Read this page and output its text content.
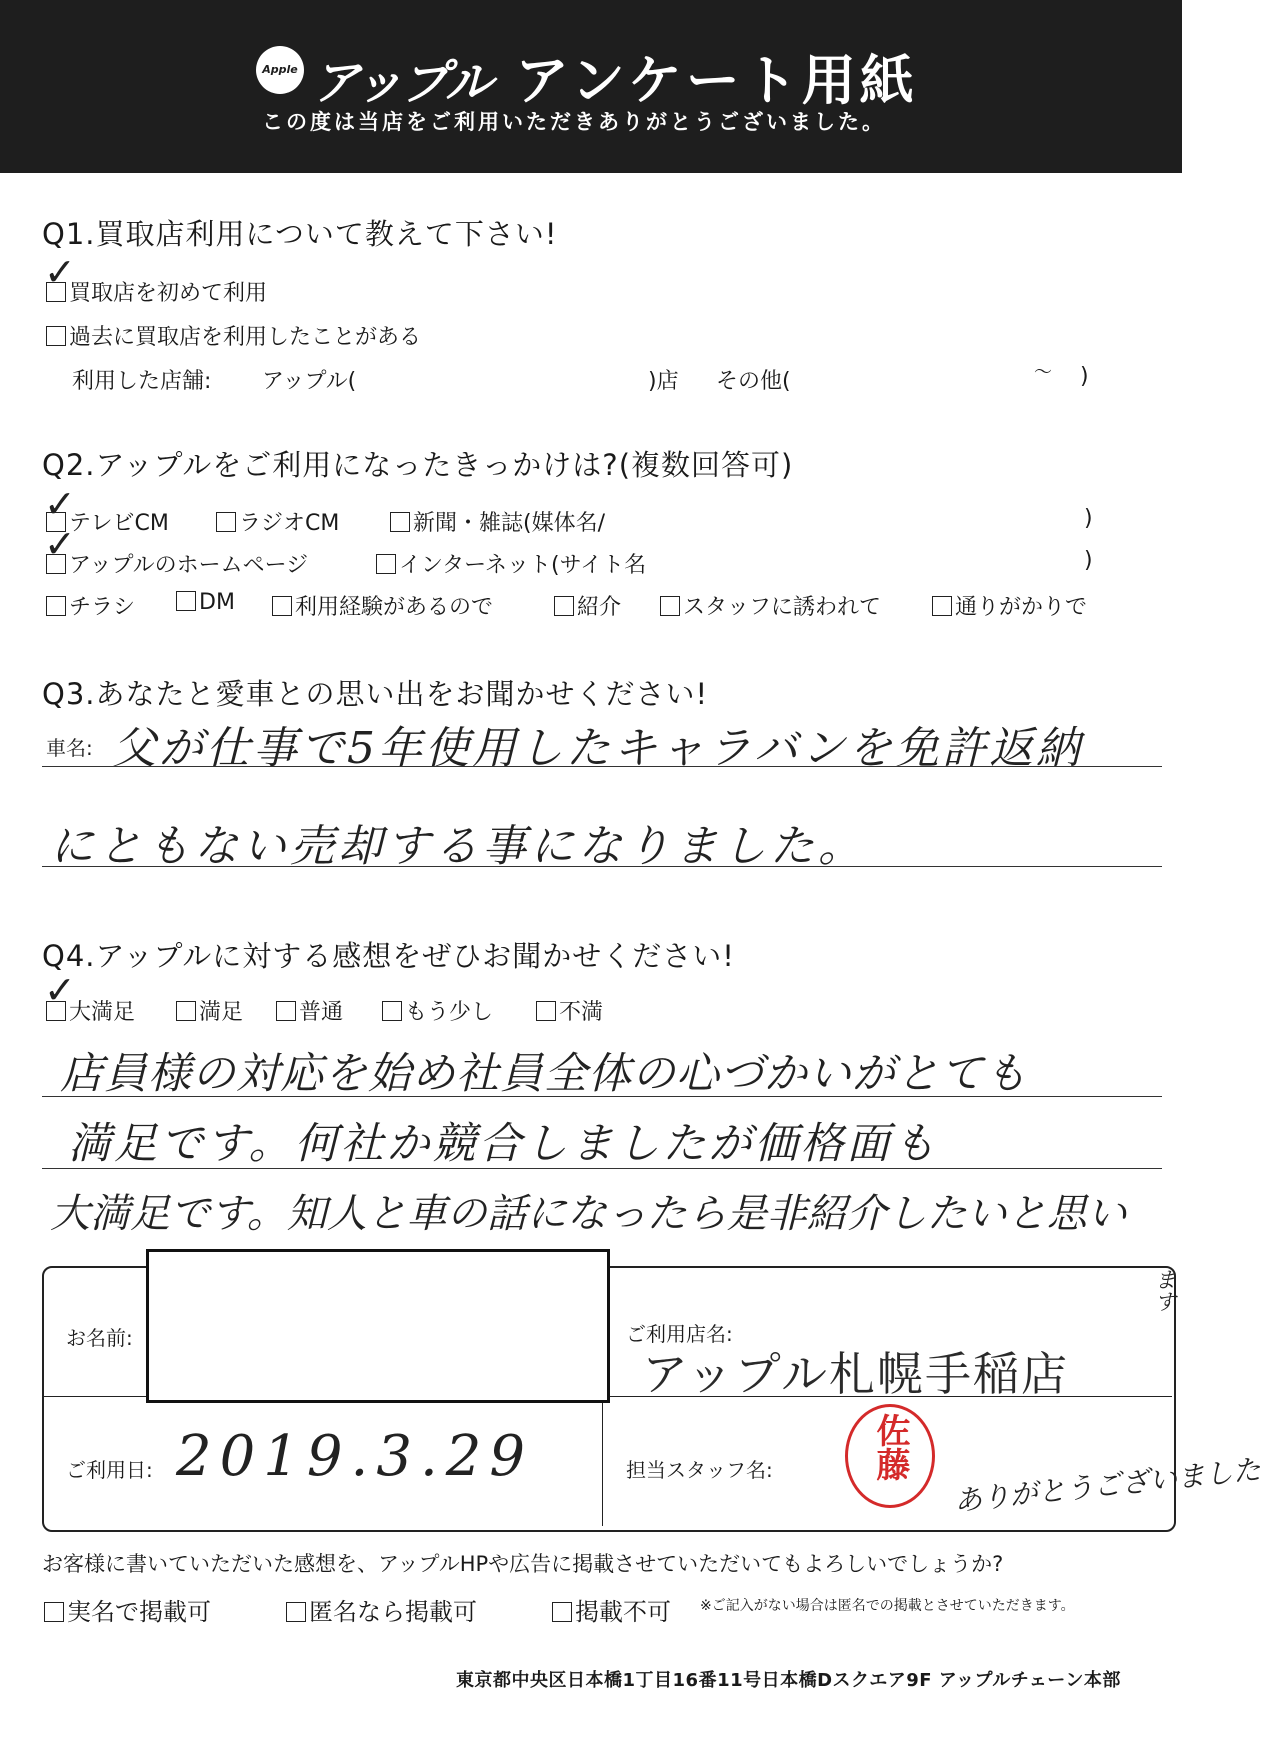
Apple アップル アンケート用紙
この度は当店をご利用いただきありがとうございました。
Q1.買取店利用について教えて下さい!
買取店を初めて利用
✓
過去に買取店を利用したことがある
利用した店舗: アップル(	)店 その他(	〜 )
Q2.アップルをご利用になったきっかけは?(複数回答可)
テレビCM
✓	ラジオCM	新聞・雑誌(媒体名/	)
アップルのホームページ
✓	インターネット(サイト名	)
チラシ	DM	利用経験があるので	紹介	スタッフに誘われて	通りがかりで
Q3.あなたと愛車との思い出をお聞かせください!
車名: 父が仕事で5年使用したキャラバンを免許返納
にともない売却する事になりました。
Q4.アップルに対する感想をぜひお聞かせください!
大満足
✓
満足	普通	もう少し	不満
店員様の対応を始め社員全体の心づかいがとても
満足です。何社か競合しましたが価格面も
大満足です。知人と車の話になったら是非紹介したいと思い
ます
お名前:	ご利用店名:
アップル札幌手稲店
ご利用日: 2019.3.29	担当スタッフ名:	佐藤
ありがとうございました
お客様に書いていただいた感想を、アップルHPや広告に掲載させていただいてもよろしいでしょうか?
実名で掲載可	匿名なら掲載可	掲載不可 ※ご記入がない場合は匿名での掲載とさせていただきます。
東京都中央区日本橋1丁目16番11号日本橋Dスクエア9F アップルチェーン本部
